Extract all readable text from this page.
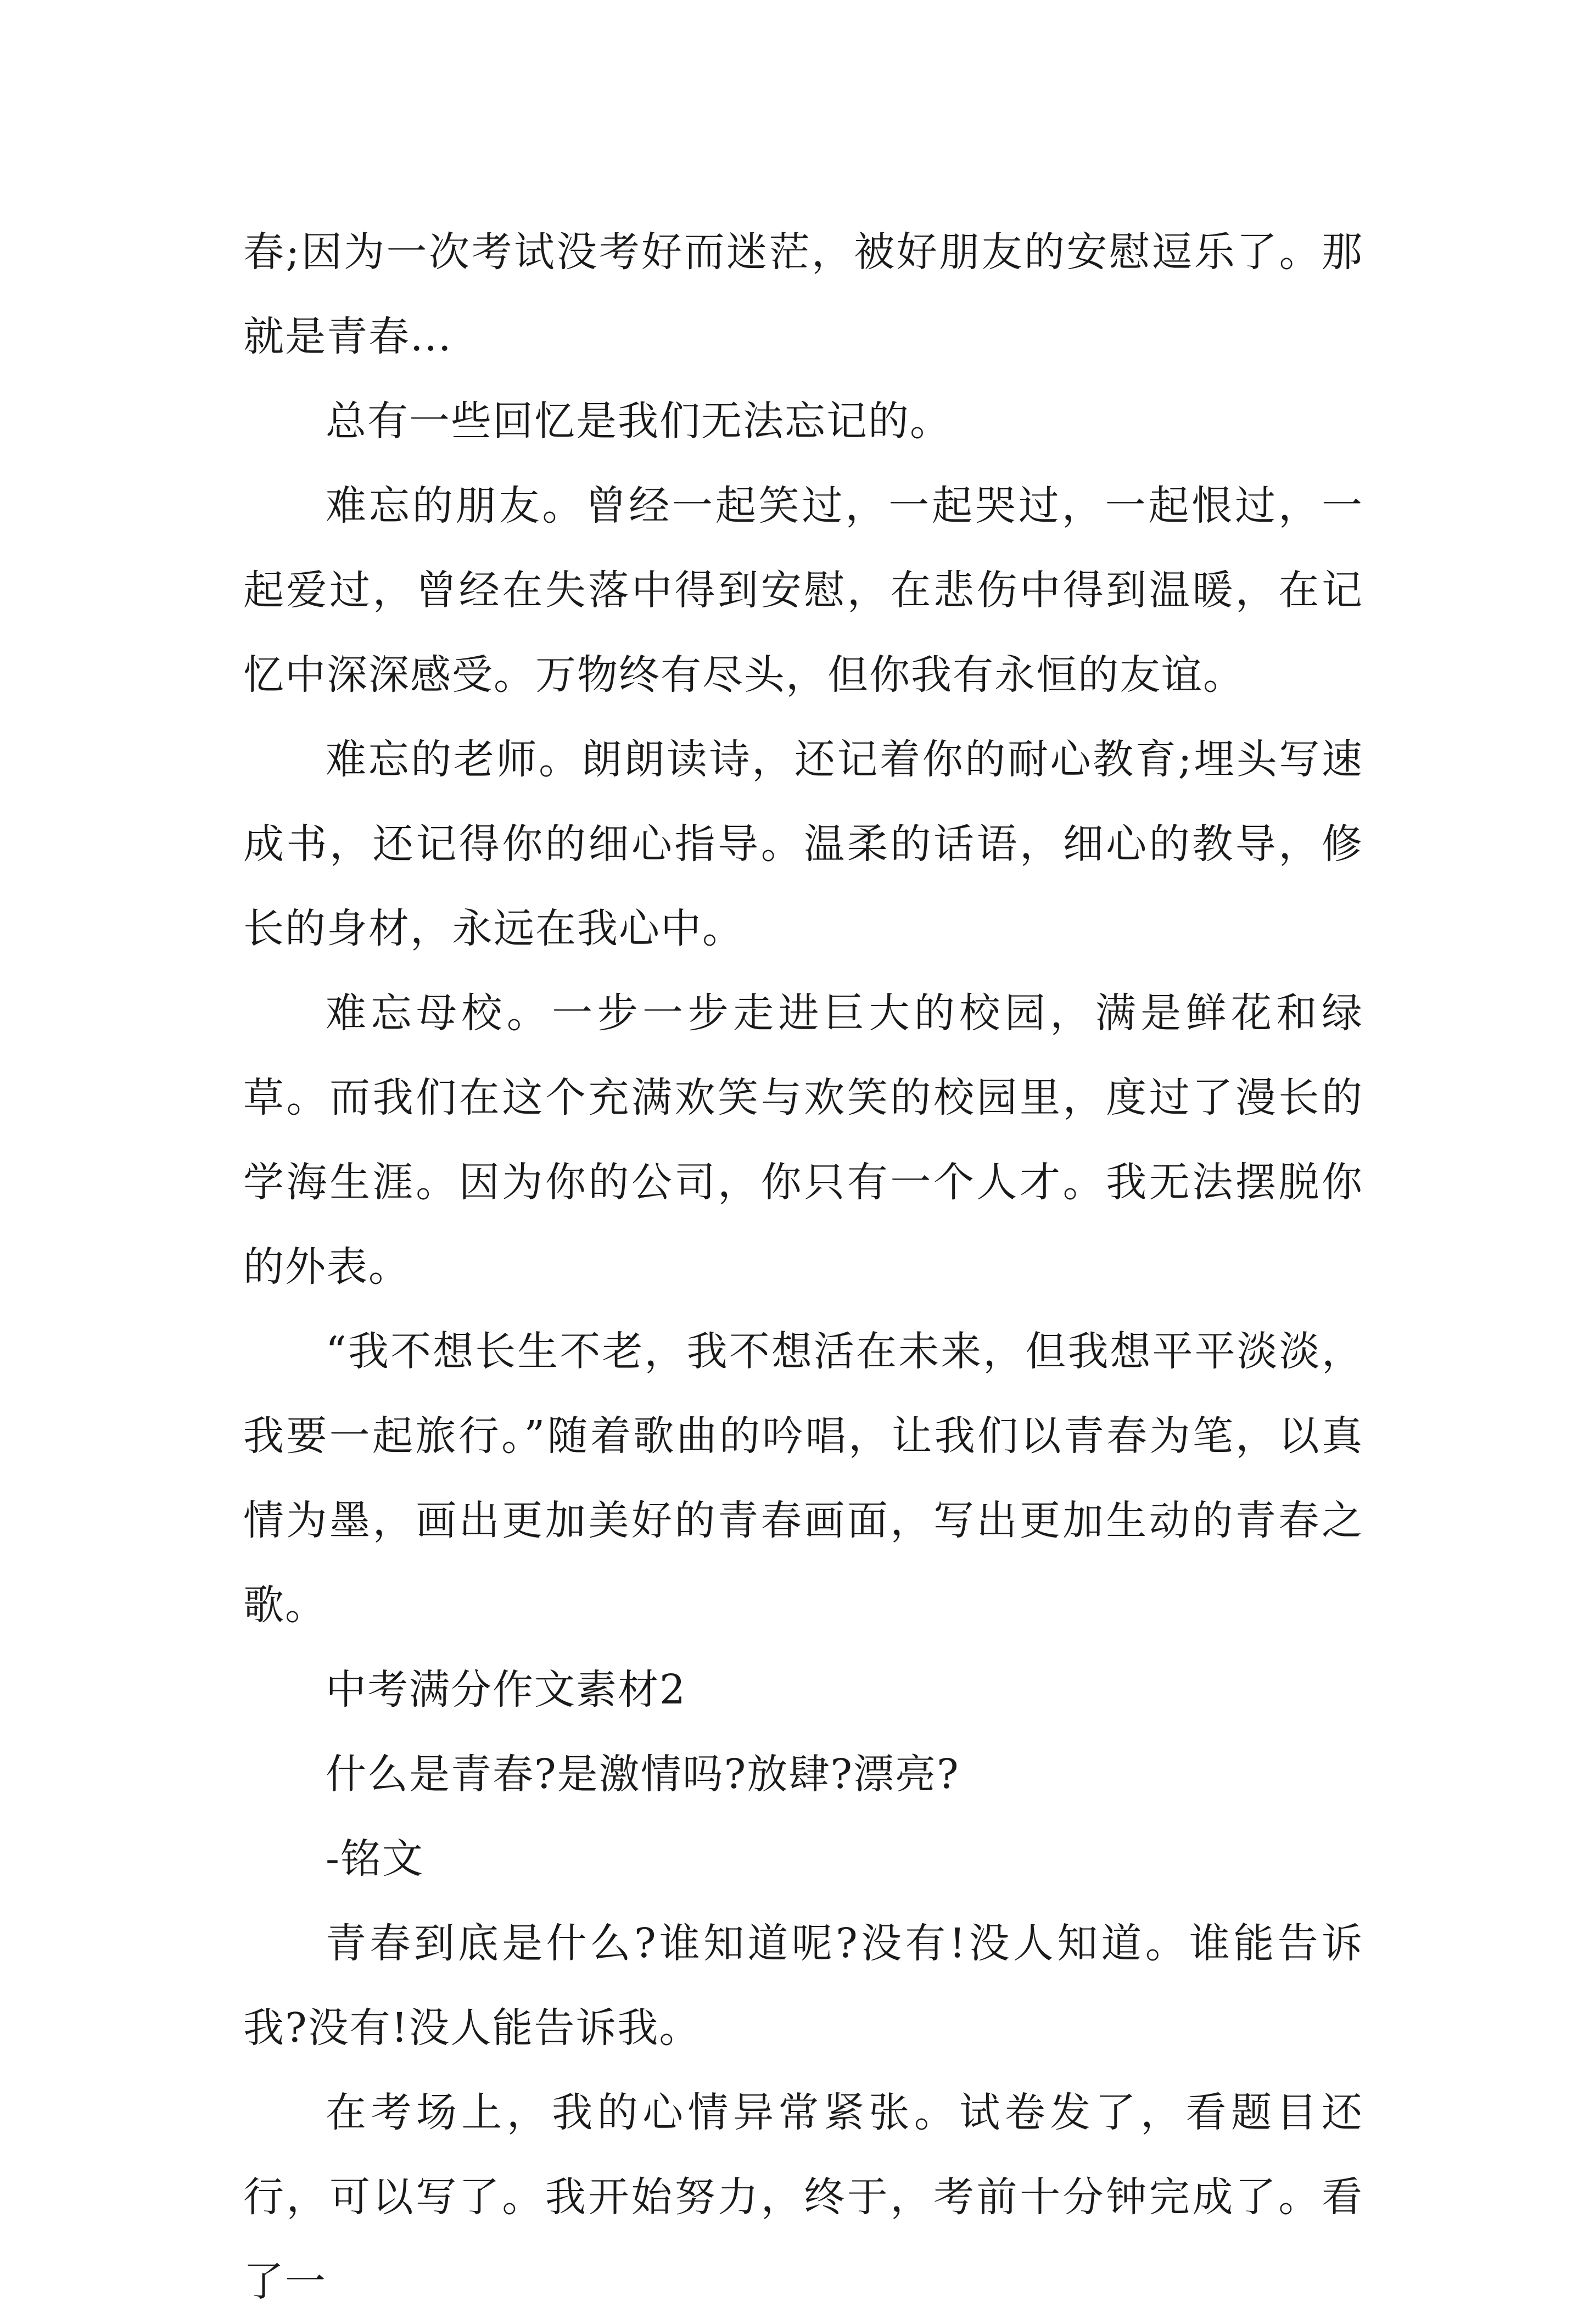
春;因为一次考试没考好而迷茫，被好朋友的安慰逗乐了。那就是青春...

总有一些回忆是我们无法忘记的。

难忘的朋友。曾经一起笑过，一起哭过，一起恨过，一起爱过，曾经在失落中得到安慰，在悲伤中得到温暖，在记忆中深深感受。万物终有尽头，但你我有永恒的友谊。

难忘的老师。朗朗读诗，还记着你的耐心教育;埋头写速成书，还记得你的细心指导。温柔的话语，细心的教导，修长的身材，永远在我心中。

难忘母校。一步一步走进巨大的校园，满是鲜花和绿草。而我们在这个充满欢笑与欢笑的校园里，度过了漫长的学海生涯。因为你的公司，你只有一个人才。我无法摆脱你的外表。

“我不想长生不老，我不想活在未来，但我想平平淡淡，我要一起旅行。”随着歌曲的吟唱，让我们以青春为笔，以真情为墨，画出更加美好的青春画面，写出更加生动的青春之歌。

中考满分作文素材2

什么是青春?是激情吗?放肆?漂亮?

-铭文

青春到底是什么?谁知道呢?没有!没人知道。谁能告诉我?没有!没人能告诉我。

在考场上，我的心情异常紧张。试卷发了，看题目还行，可以写了。我开始努力，终于，考前十分钟完成了。看了一
